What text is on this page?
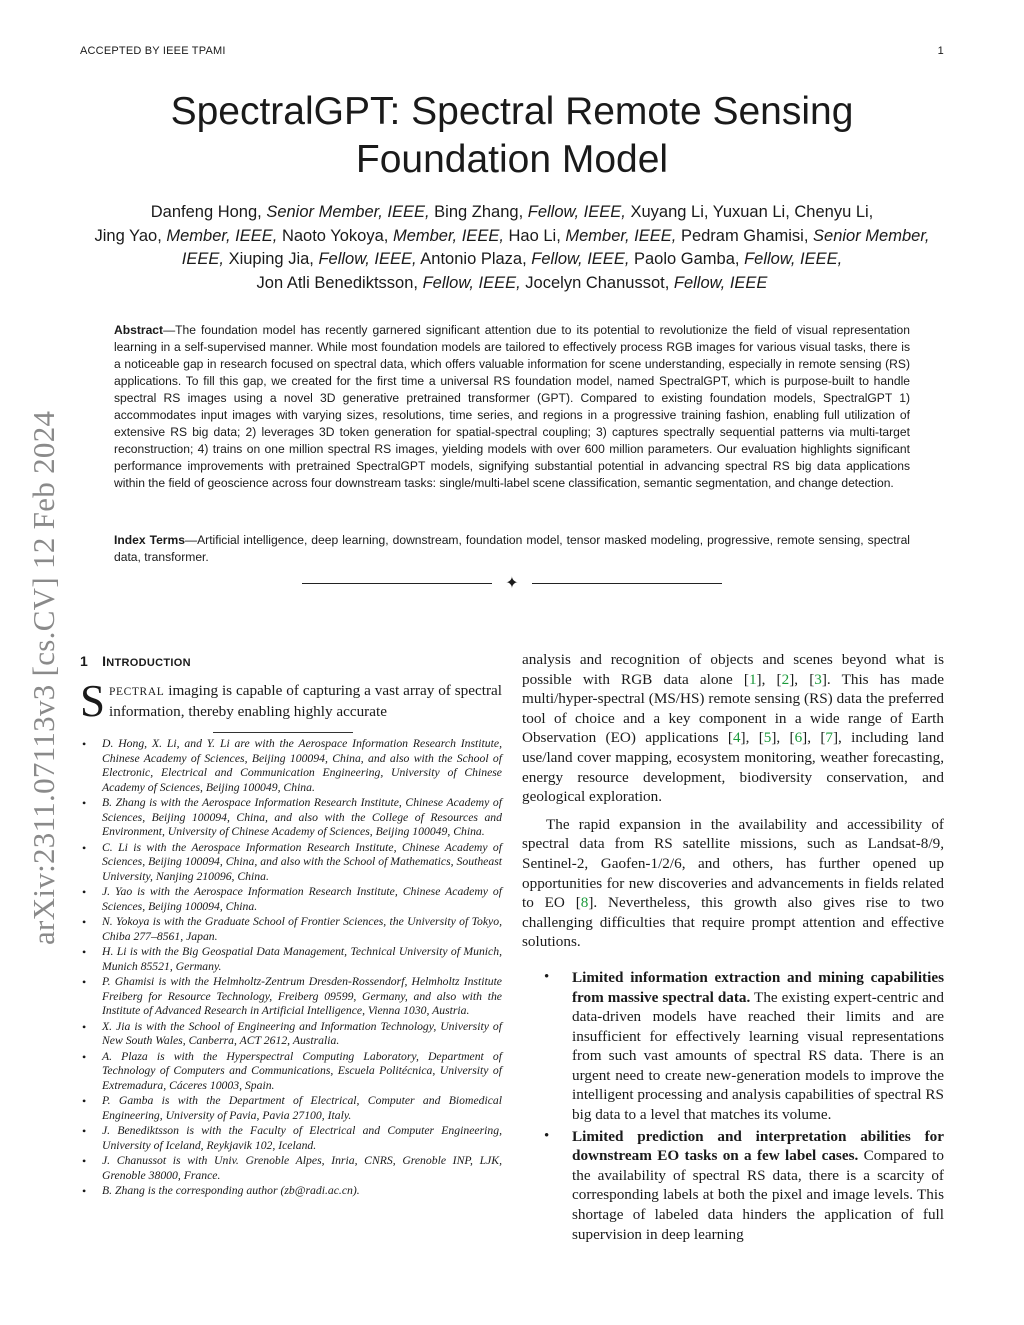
ACCEPTED BY IEEE TPAMI	1
arXiv:2311.07113v3 [cs.CV] 12 Feb 2024
SpectralGPT: Spectral Remote Sensing Foundation Model
Danfeng Hong, Senior Member, IEEE, Bing Zhang, Fellow, IEEE, Xuyang Li, Yuxuan Li, Chenyu Li,
Jing Yao, Member, IEEE, Naoto Yokoya, Member, IEEE, Hao Li, Member, IEEE, Pedram Ghamisi, Senior Member, IEEE, Xiuping Jia, Fellow, IEEE, Antonio Plaza, Fellow, IEEE, Paolo Gamba, Fellow, IEEE,
Jon Atli Benediktsson, Fellow, IEEE, Jocelyn Chanussot, Fellow, IEEE
Abstract—The foundation model has recently garnered significant attention due to its potential to revolutionize the field of visual representation learning in a self-supervised manner. While most foundation models are tailored to effectively process RGB images for various visual tasks, there is a noticeable gap in research focused on spectral data, which offers valuable information for scene understanding, especially in remote sensing (RS) applications. To fill this gap, we created for the first time a universal RS foundation model, named SpectralGPT, which is purpose-built to handle spectral RS images using a novel 3D generative pretrained transformer (GPT). Compared to existing foundation models, SpectralGPT 1) accommodates input images with varying sizes, resolutions, time series, and regions in a progressive training fashion, enabling full utilization of extensive RS big data; 2) leverages 3D token generation for spatial-spectral coupling; 3) captures spectrally sequential patterns via multi-target reconstruction; 4) trains on one million spectral RS images, yielding models with over 600 million parameters. Our evaluation highlights significant performance improvements with pretrained SpectralGPT models, signifying substantial potential in advancing spectral RS big data applications within the field of geoscience across four downstream tasks: single/multi-label scene classification, semantic segmentation, and change detection.
Index Terms—Artificial intelligence, deep learning, downstream, foundation model, tensor masked modeling, progressive, remote sensing, spectral data, transformer.
✦
1 INTRODUCTION

SPECTRAL imaging is capable of capturing a vast array of spectral information, thereby enabling highly accurate

• D. Hong, X. Li, and Y. Li are with the Aerospace Information Research Institute, Chinese Academy of Sciences, Beijing 100094, China, and also with the School of Electronic, Electrical and Communication Engineering, University of Chinese Academy of Sciences, Beijing 100049, China.
• B. Zhang is with the Aerospace Information Research Institute, Chinese Academy of Sciences, Beijing 100094, China, and also with the College of Resources and Environment, University of Chinese Academy of Sciences, Beijing 100049, China.
• C. Li is with the Aerospace Information Research Institute, Chinese Academy of Sciences, Beijing 100094, China, and also with the School of Mathematics, Southeast University, Nanjing 210096, China.
• J. Yao is with the Aerospace Information Research Institute, Chinese Academy of Sciences, Beijing 100094, China.
• N. Yokoya is with the Graduate School of Frontier Sciences, the University of Tokyo, Chiba 277–8561, Japan.
• H. Li is with the Big Geospatial Data Management, Technical University of Munich, Munich 85521, Germany.
• P. Ghamisi is with the Helmholtz-Zentrum Dresden-Rossendorf, Helmholtz Institute Freiberg for Resource Technology, Freiberg 09599, Germany, and also with the Institute of Advanced Research in Artificial Intelligence, Vienna 1030, Austria.
• X. Jia is with the School of Engineering and Information Technology, University of New South Wales, Canberra, ACT 2612, Australia.
• A. Plaza is with the Hyperspectral Computing Laboratory, Department of Technology of Computers and Communications, Escuela Politécnica, University of Extremadura, Cáceres 10003, Spain.
• P. Gamba is with the Department of Electrical, Computer and Biomedical Engineering, University of Pavia, Pavia 27100, Italy.
• J. Benediktsson is with the Faculty of Electrical and Computer Engineering, University of Iceland, Reykjavik 102, Iceland.
• J. Chanussot is with Univ. Grenoble Alpes, Inria, CNRS, Grenoble INP, LJK, Grenoble 38000, France.
• B. Zhang is the corresponding author (zb@radi.ac.cn).

analysis and recognition of objects and scenes beyond what is possible with RGB data alone [1], [2], [3]. This has made multi/hyper-spectral (MS/HS) remote sensing (RS) data the preferred tool of choice and a key component in a wide range of Earth Observation (EO) applications [4], [5], [6], [7], including land use/land cover mapping, ecosystem monitoring, weather forecasting, energy resource development, biodiversity conservation, and geological exploration.

The rapid expansion in the availability and accessibility of spectral data from RS satellite missions, such as Landsat-8/9, Sentinel-2, Gaofen-1/2/6, and others, has further opened up opportunities for new discoveries and advancements in fields related to EO [8]. Nevertheless, this growth also gives rise to two challenging difficulties that require prompt attention and effective solutions.

• Limited information extraction and mining capabilities from massive spectral data. The existing expert-centric and data-driven models have reached their limits and are insufficient for effectively learning visual representations from such vast amounts of spectral RS data. There is an urgent need to create new-generation models to improve the intelligent processing and analysis capabilities of spectral RS big data to a level that matches its volume.
• Limited prediction and interpretation abilities for downstream EO tasks on a few label cases. Compared to the availability of spectral RS data, there is a scarcity of corresponding labels at both the pixel and image levels. This shortage of labeled data hinders the application of full supervision in deep learning
